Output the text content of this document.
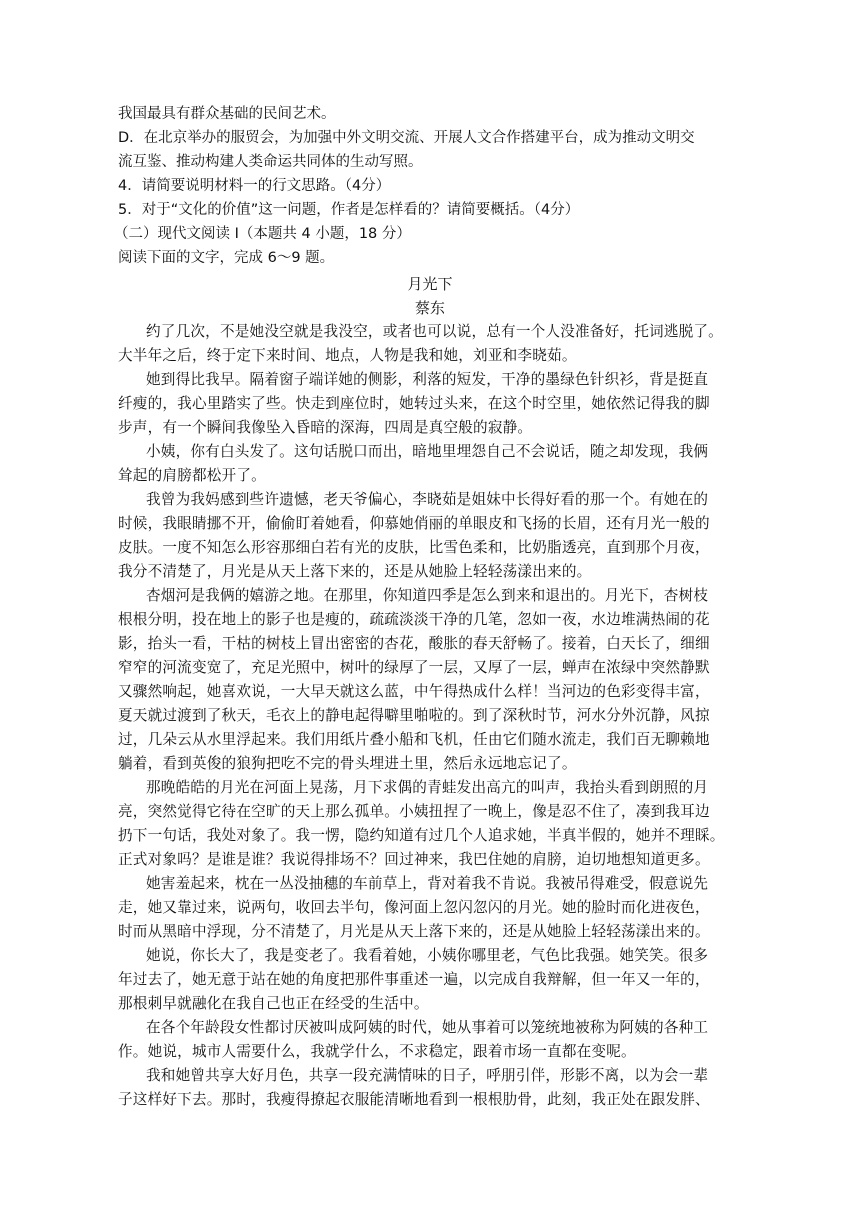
我国最具有群众基础的民间艺术。
D．在北京举办的服贸会，为加强中外文明交流、开展人文合作搭建平台，成为推动文明交
流互鉴、推动构建人类命运共同体的生动写照。
4．请简要说明材料一的行文思路。（4分）
5．对于“文化的价值”这一问题，作者是怎样看的？请简要概括。（4分）
（二）现代文阅读 I（本题共 4 小题，18 分）
阅读下面的文字，完成 6～9 题。
月光下
蔡东
约了几次，不是她没空就是我没空，或者也可以说，总有一个人没准备好，托词逃脱了。
大半年之后，终于定下来时间、地点，人物是我和她，刘亚和李晓茹。
她到得比我早。隔着窗子端详她的侧影，利落的短发，干净的墨绿色针织衫，背是挺直
纤瘦的，我心里踏实了些。快走到座位时，她转过头来，在这个时空里，她依然记得我的脚
步声，有一个瞬间我像坠入昏暗的深海，四周是真空般的寂静。
小姨，你有白头发了。这句话脱口而出，暗地里埋怨自己不会说话，随之却发现，我俩
耸起的肩膀都松开了。
我曾为我妈感到些许遗憾，老天爷偏心，李晓茹是姐妹中长得好看的那一个。有她在的
时候，我眼睛挪不开，偷偷盯着她看，仰慕她俏丽的单眼皮和飞扬的长眉，还有月光一般的
皮肤。一度不知怎么形容那细白若有光的皮肤，比雪色柔和，比奶脂透亮，直到那个月夜，
我分不清楚了，月光是从天上落下来的，还是从她脸上轻轻荡漾出来的。
杏烟河是我俩的嬉游之地。在那里，你知道四季是怎么到来和退出的。月光下，杏树枝
根根分明，投在地上的影子也是瘦的，疏疏淡淡干净的几笔，忽如一夜，水边堆满热闹的花
影，抬头一看，干枯的树枝上冒出密密的杏花，酸胀的春天舒畅了。接着，白天长了，细细
窄窄的河流变宽了，充足光照中，树叶的绿厚了一层，又厚了一层，蝉声在浓绿中突然静默
又骤然响起，她喜欢说，一大早天就这么蓝，中午得热成什么样！当河边的色彩变得丰富，
夏天就过渡到了秋天，毛衣上的静电起得噼里啪啦的。到了深秋时节，河水分外沉静，风掠
过，几朵云从水里浮起来。我们用纸片叠小船和飞机，任由它们随水流走，我们百无聊赖地
躺着，看到英俊的狼狗把吃不完的骨头埋进土里，然后永远地忘记了。
那晚皓皓的月光在河面上晃荡，月下求偶的青蛙发出高亢的叫声，我抬头看到朗照的月
亮，突然觉得它待在空旷的天上那么孤单。小姨扭捏了一晚上，像是忍不住了，凑到我耳边
扔下一句话，我处对象了。我一愣，隐约知道有过几个人追求她，半真半假的，她并不理睬。
正式对象吗？是谁是谁？我说得排场不？回过神来，我巴住她的肩膀，迫切地想知道更多。
她害羞起来，枕在一丛没抽穗的车前草上，背对着我不肯说。我被吊得难受，假意说先
走，她又靠过来，说两句，收回去半句，像河面上忽闪忽闪的月光。她的脸时而化进夜色，
时而从黑暗中浮现，分不清楚了，月光是从天上落下来的，还是从她脸上轻轻荡漾出来的。
她说，你长大了，我是变老了。我看着她，小姨你哪里老，气色比我强。她笑笑。很多
年过去了，她无意于站在她的角度把那件事重述一遍，以完成自我辩解，但一年又一年的，
那根刺早就融化在我自己也正在经受的生活中。
在各个年龄段女性都讨厌被叫成阿姨的时代，她从事着可以笼统地被称为阿姨的各种工
作。她说，城市人需要什么，我就学什么，不求稳定，跟着市场一直都在变呢。
我和她曾共享大好月色，共享一段充满情味的日子，呼朋引伴，形影不离，以为会一辈
子这样好下去。那时，我瘦得撩起衣服能清晰地看到一根根肋骨，此刻，我正处在跟发胖、
